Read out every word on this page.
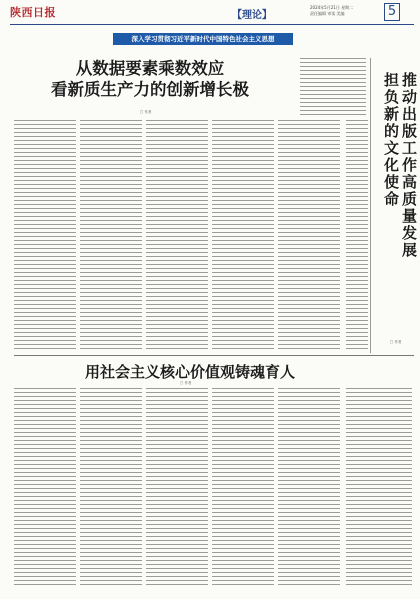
陕西日报	【理论】
2024年5月21日 星期二
责任编辑 审读 美编	5
深入学习贯彻习近平新时代中国特色社会主义思想
从数据要素乘数效应
看新质生产力的创新增长极
□ 作者
担负新的文化使命
推动出版工作高质量发展
□ 作者
用社会主义核心价值观铸魂育人
□ 作者
